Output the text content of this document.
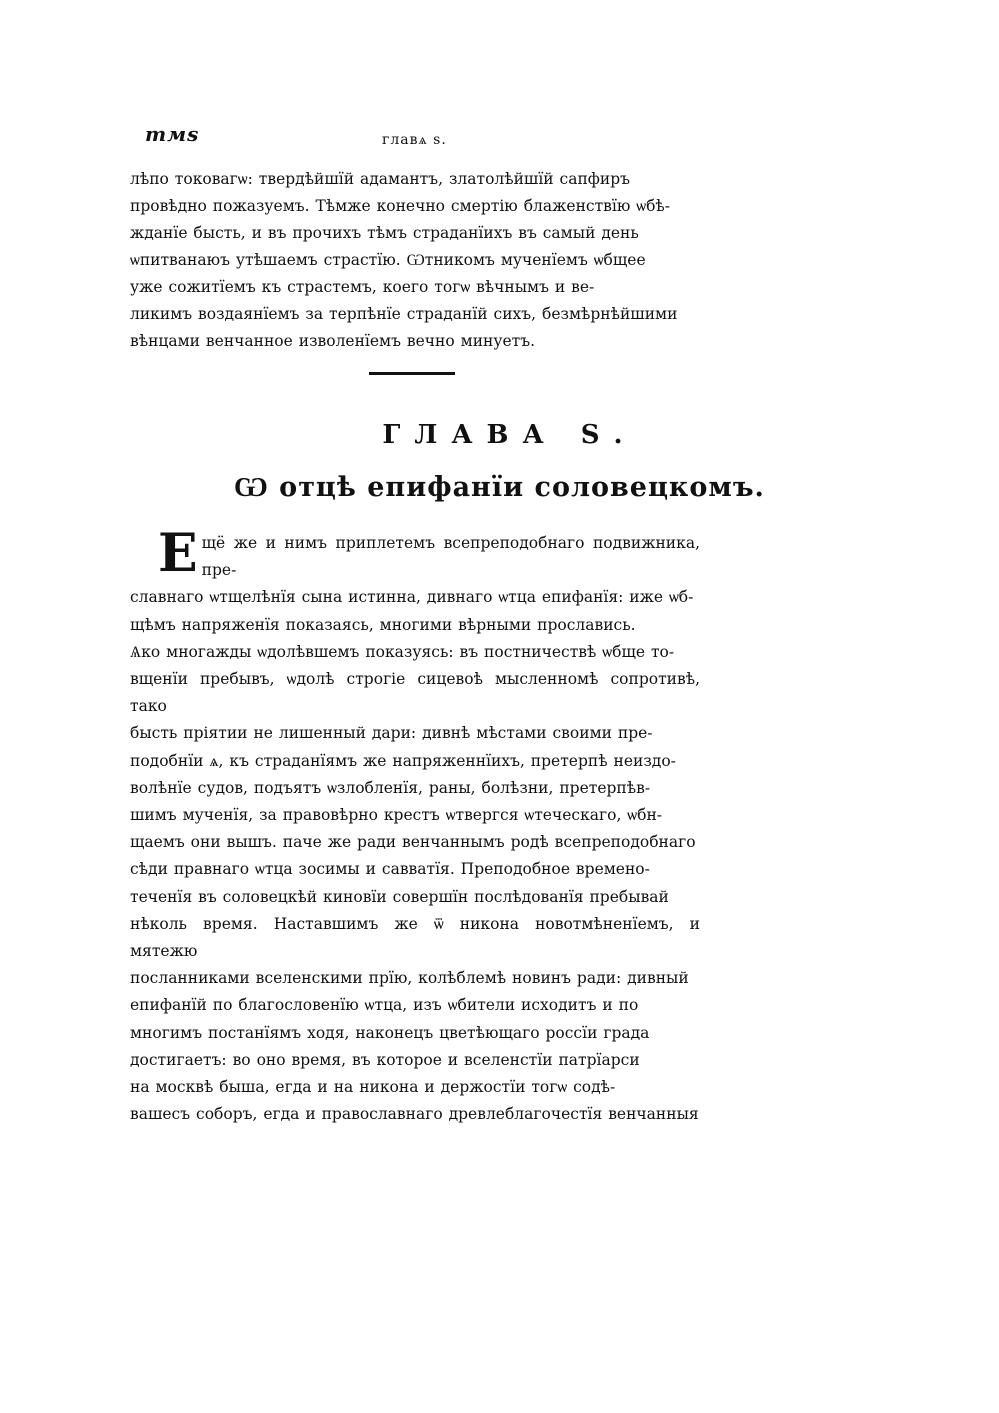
тмѕ	главѧ ѕ.
лѣпо токовагѡ: твердѣйшїй адамантъ, златолѣйшїй сапфиръ
провѣдно пожазуемъ. Тѣмже конечно смертію блаженствїю ѡбѣ-
жданїе бысть, и въ прочихъ тѣмъ страданїихъ въ самый день
ѡпитванаюъ утѣшаемъ страстїю. Ѡтникомъ мученїемъ ѡбщее
уже сожитїемъ къ страстемъ, коего тогѡ вѣчнымъ и ве-
ликимъ воздаянїемъ за терпѣнїе страданїй сихъ, безмѣрнѣйшими
вѣнцами венчанное изволенїемъ вечно минуетъ.
ГЛАВА Ѕ.
Ѡ отцѣ епифанїи соловецкомъ.
Е щё же и нимъ приплетемъ всепреподобнаго подвижника, пре-
славнаго ѡтщелѣнїя сына истинна, дивнаго ѡтца епифанїя: иже ѡб-
щѣмъ напряженїя показаясь, многими вѣрными прославись.
Ѧко многажды ѡдолѣвшемъ показуясь: въ постничествѣ ѡбще то-
вщенїи пребывъ, ѡдолѣ строгіе сицевоѣ мысленномѣ сопротивѣ, тако
бысть пріятии не лишенный дари: дивнѣ мѣстами своими пре-
подобнїи ѧ, къ страданїямъ же напряженнїихъ, претерпѣ неиздо-
волѣнїе судов, подъятъ ѡзлобленїя, раны, болѣзни, претерпѣв-
шимъ мученїя, за правовѣрно крестъ ѡтвергся ѡтеческаго, ѡбн-
щаемъ они вышъ. паче же ради венчаннымъ родѣ всепреподобнаго
сѣди правнаго ѡтца зосимы и савватїя. Преподобное времено-
теченїя въ соловецкѣй киновїи совершїн послѣдованїя пребывай
нѣколь время. Наставшимъ же ѿ никона новотмѣненїемъ, и мятежю
посланниками вселенскими прїю, колѣблемѣ новинъ ради: дивный
епифанїй по благословенїю ѡтца, изъ ѡбители исходитъ и по
многимъ постанїямъ ходя, наконецъ цветѣющаго россїи града
достигаетъ: во оно время, въ которое и вселенстїи патрїарси
на москвѣ быша, егда и на никона и держостїи тогѡ содѣ-
вашесъ соборъ, егда и православнаго древлеблагочестїя венчанныя
